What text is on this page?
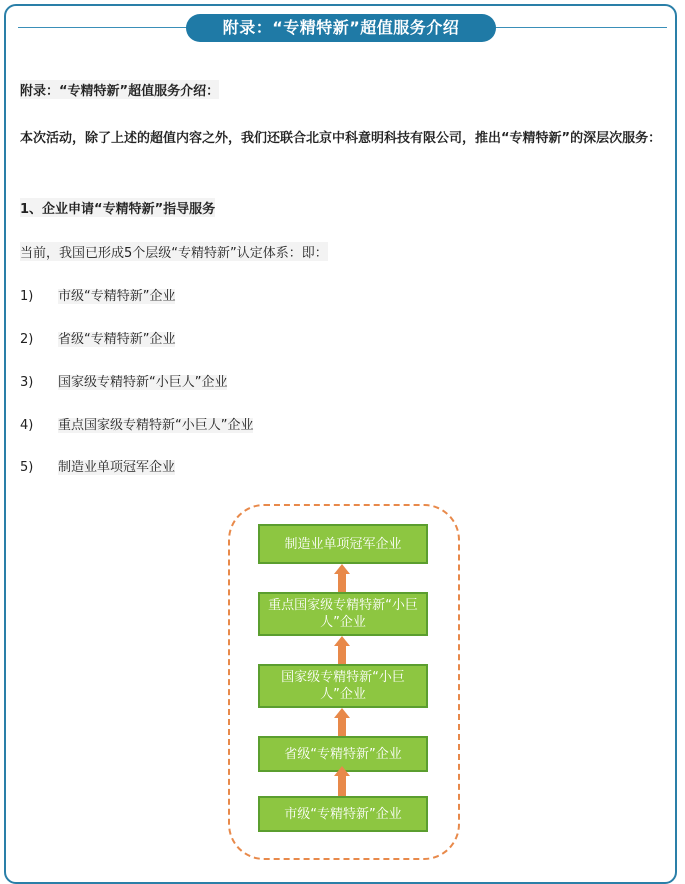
附录：“专精特新”超值服务介绍
附录：“专精特新”超值服务介绍：
本次活动，除了上述的超值内容之外，我们还联合北京中科意明科技有限公司，推出“专精特新”的深层次服务：
1、企业申请“专精特新”指导服务
当前，我国已形成5个层级“专精特新”认定体系：即：
1) 市级“专精特新”企业
2) 省级“专精特新”企业
3) 国家级专精特新“小巨人”企业
4) 重点国家级专精特新“小巨人”企业
5) 制造业单项冠军企业
制造业单项冠军企业
重点国家级专精特新“小巨人”企业
国家级专精特新“小巨人”企业
省级“专精特新”企业
市级“专精特新”企业
